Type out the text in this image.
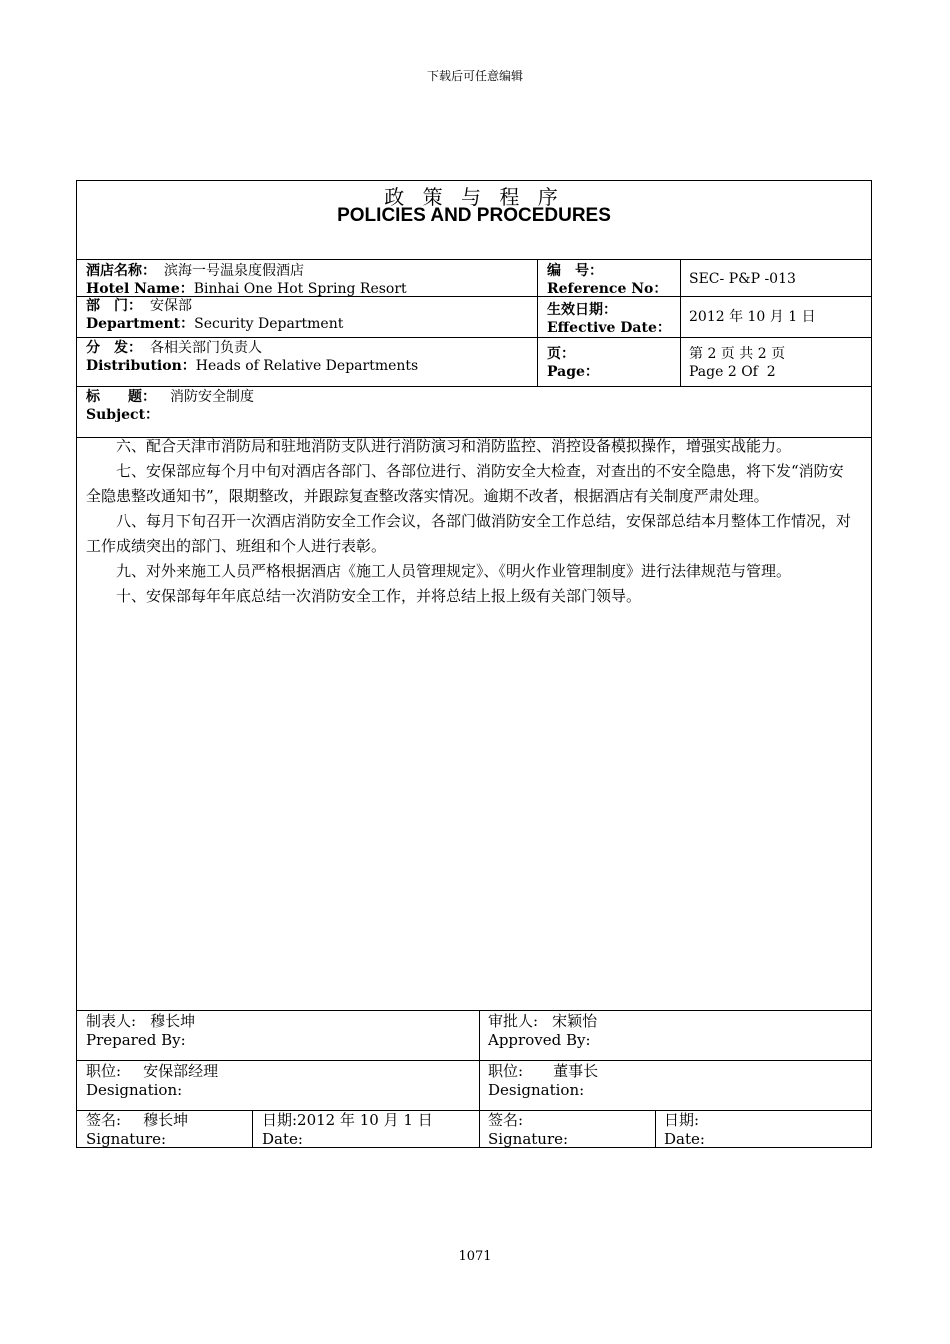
下载后可任意编辑
政 策 与 程 序
POLICIES AND PROCEDURES
酒店名称： 滨海一号温泉度假酒店
Hotel Name：Binhai One Hot Spring Resort
编　号：
Reference No：
SEC- P&P -013
部　门： 安保部
Department：Security Department
生效日期：
Effective Date：
2012 年 10 月 1 日
分　发： 各相关部门负责人
Distribution：Heads of Relative Departments
页：
Page：
第 2 页 共 2 页
Page 2 Of  2
标　　题： 消防安全制度
Subject：

六、配合天津市消防局和驻地消防支队进行消防演习和消防监控、消控设备模拟操作，增强实战能力。

七、安保部应每个月中旬对酒店各部门、各部位进行、消防安全大检查，对查出的不安全隐患，将下发“消防安全隐患整改通知书”，限期整改，并跟踪复查整改落实情况。逾期不改者，根据酒店有关制度严肃处理。

八、每月下旬召开一次酒店消防安全工作会议，各部门做消防安全工作总结，安保部总结本月整体工作情况，对工作成绩突出的部门、班组和个人进行表彰。

九、对外来施工人员严格根据酒店《施工人员管理规定》、《明火作业管理制度》进行法律规范与管理。

十、安保部每年年底总结一次消防安全工作，并将总结上报上级有关部门领导。

制表人: 穆长坤
Prepared By:
审批人: 宋颖怡
Approved By:
职位: 安保部经理
Designation:
职位: 董事长
Designation:
签名: 穆长坤
Signature:
日期:2012 年 10 月 1 日
Date:
签名:
Signature:
日期:
Date:
1071
